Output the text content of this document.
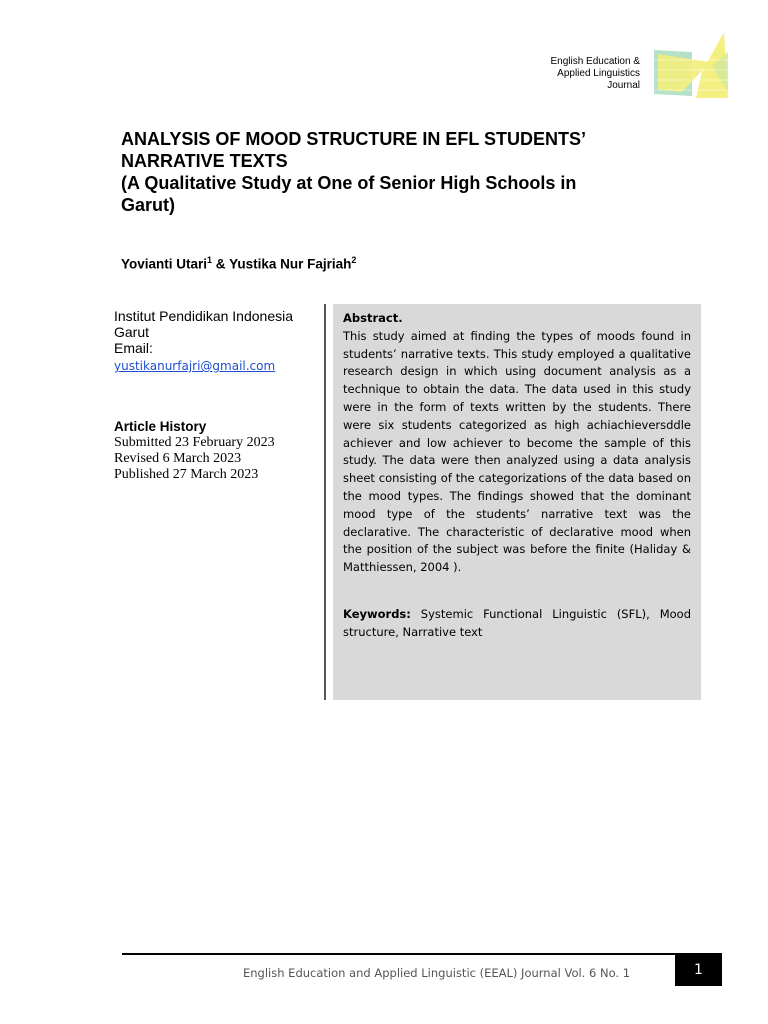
English Education &
Applied Linguistics
Journal
ANALYSIS OF MOOD STRUCTURE IN EFL STUDENTS’
NARRATIVE TEXTS
(A Qualitative Study at One of Senior High Schools in
Garut)
Yovianti Utari$^1$ & Yustika Nur Fajriah$^2$
Institut Pendidikan Indonesia
Garut
Email:
yustikanurfajri@gmail.com
Article History
Submitted 23 February 2023
Revised 6 March 2023
Published 27 March 2023
Abstract.
This study aimed at finding the types of moods found in students’ narrative texts. This study employed a qualitative research design in which using document analysis as a technique to obtain the data. The data used in this study were in the form of texts written by the students. There were six students categorized as high achiachieversddle achiever and low achiever to become the sample of this study. The data were then analyzed using a data analysis sheet consisting of the categorizations of the data based on the mood types. The findings showed that the dominant mood type of the students’ narrative text was the declarative. The characteristic of declarative mood when the position of the subject was before the finite (Haliday & Matthiessen, 2004 ).
Keywords: Systemic Functional Linguistic (SFL), Mood structure, Narrative text
English Education and Applied Linguistic (EEAL) Journal Vol. 6 No. 1	1
